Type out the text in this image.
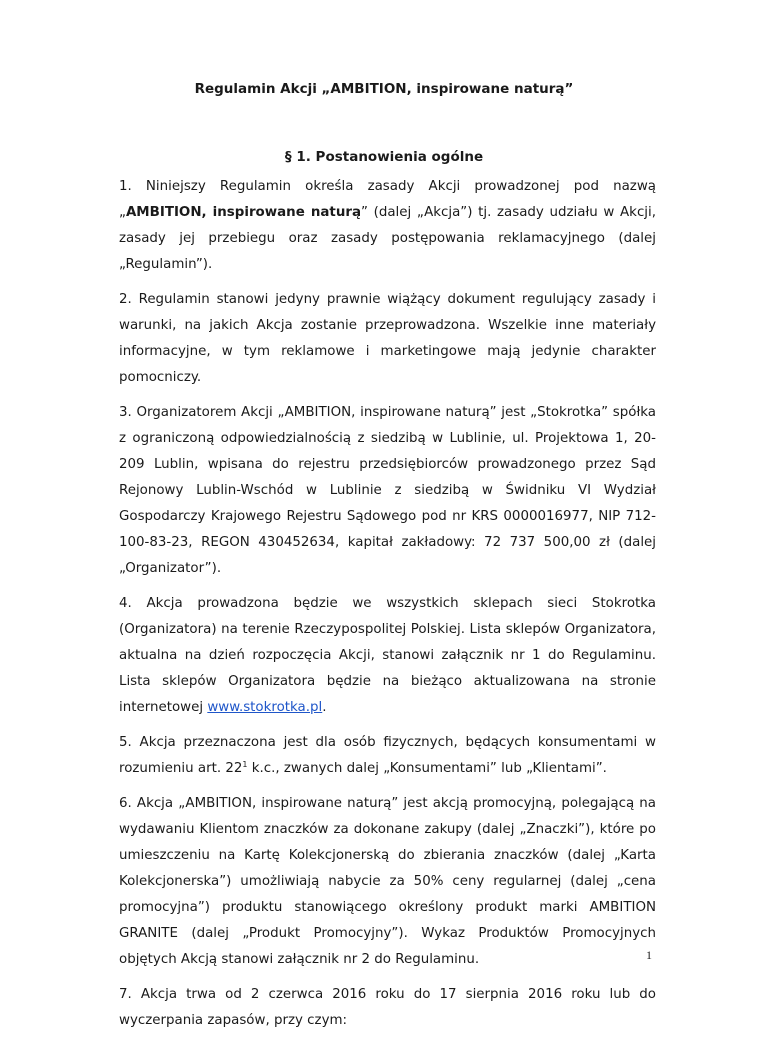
Regulamin Akcji „AMBITION, inspirowane naturą”
§ 1. Postanowienia ogólne

1. Niniejszy Regulamin określa zasady Akcji prowadzonej pod nazwą „AMBITION, inspirowane naturą” (dalej „Akcja”) tj. zasady udziału w Akcji, zasady jej przebiegu oraz zasady postępowania reklamacyjnego (dalej „Regulamin”).

2. Regulamin stanowi jedyny prawnie wiążący dokument regulujący zasady i warunki, na jakich Akcja zostanie przeprowadzona. Wszelkie inne materiały informacyjne, w tym reklamowe i marketingowe mają jedynie charakter pomocniczy.

3. Organizatorem Akcji „AMBITION, inspirowane naturą” jest „Stokrotka” spółka z ograniczoną odpowiedzialnością z siedzibą w Lublinie, ul. Projektowa 1, 20-209 Lublin, wpisana do rejestru przedsiębiorców prowadzonego przez Sąd Rejonowy Lublin-Wschód w Lublinie z siedzibą w Świdniku VI Wydział Gospodarczy Krajowego Rejestru Sądowego pod nr KRS 0000016977, NIP 712-100-83-23, REGON 430452634, kapitał zakładowy: 72 737 500,00 zł (dalej „Organizator”).

4. Akcja prowadzona będzie we wszystkich sklepach sieci Stokrotka (Organizatora) na terenie Rzeczypospolitej Polskiej. Lista sklepów Organizatora, aktualna na dzień rozpoczęcia Akcji, stanowi załącznik nr 1 do Regulaminu. Lista sklepów Organizatora będzie na bieżąco aktualizowana na stronie internetowej www.stokrotka.pl.

5. Akcja przeznaczona jest dla osób fizycznych, będących konsumentami w rozumieniu art. 22$^1$ k.c., zwanych dalej „Konsumentami” lub „Klientami”.

6. Akcja „AMBITION, inspirowane naturą” jest akcją promocyjną, polegającą na wydawaniu Klientom znaczków za dokonane zakupy (dalej „Znaczki”), które po umieszczeniu na Kartę Kolekcjonerską do zbierania znaczków (dalej „Karta Kolekcjonerska”) umożliwiają nabycie za 50% ceny regularnej (dalej „cena promocyjna”) produktu stanowiącego określony produkt marki AMBITION GRANITE (dalej „Produkt Promocyjny”). Wykaz Produktów Promocyjnych objętych Akcją stanowi załącznik nr 2 do Regulaminu.

7. Akcja trwa od 2 czerwca 2016 roku do 17 sierpnia 2016 roku lub do wyczerpania zapasów, przy czym:

1
